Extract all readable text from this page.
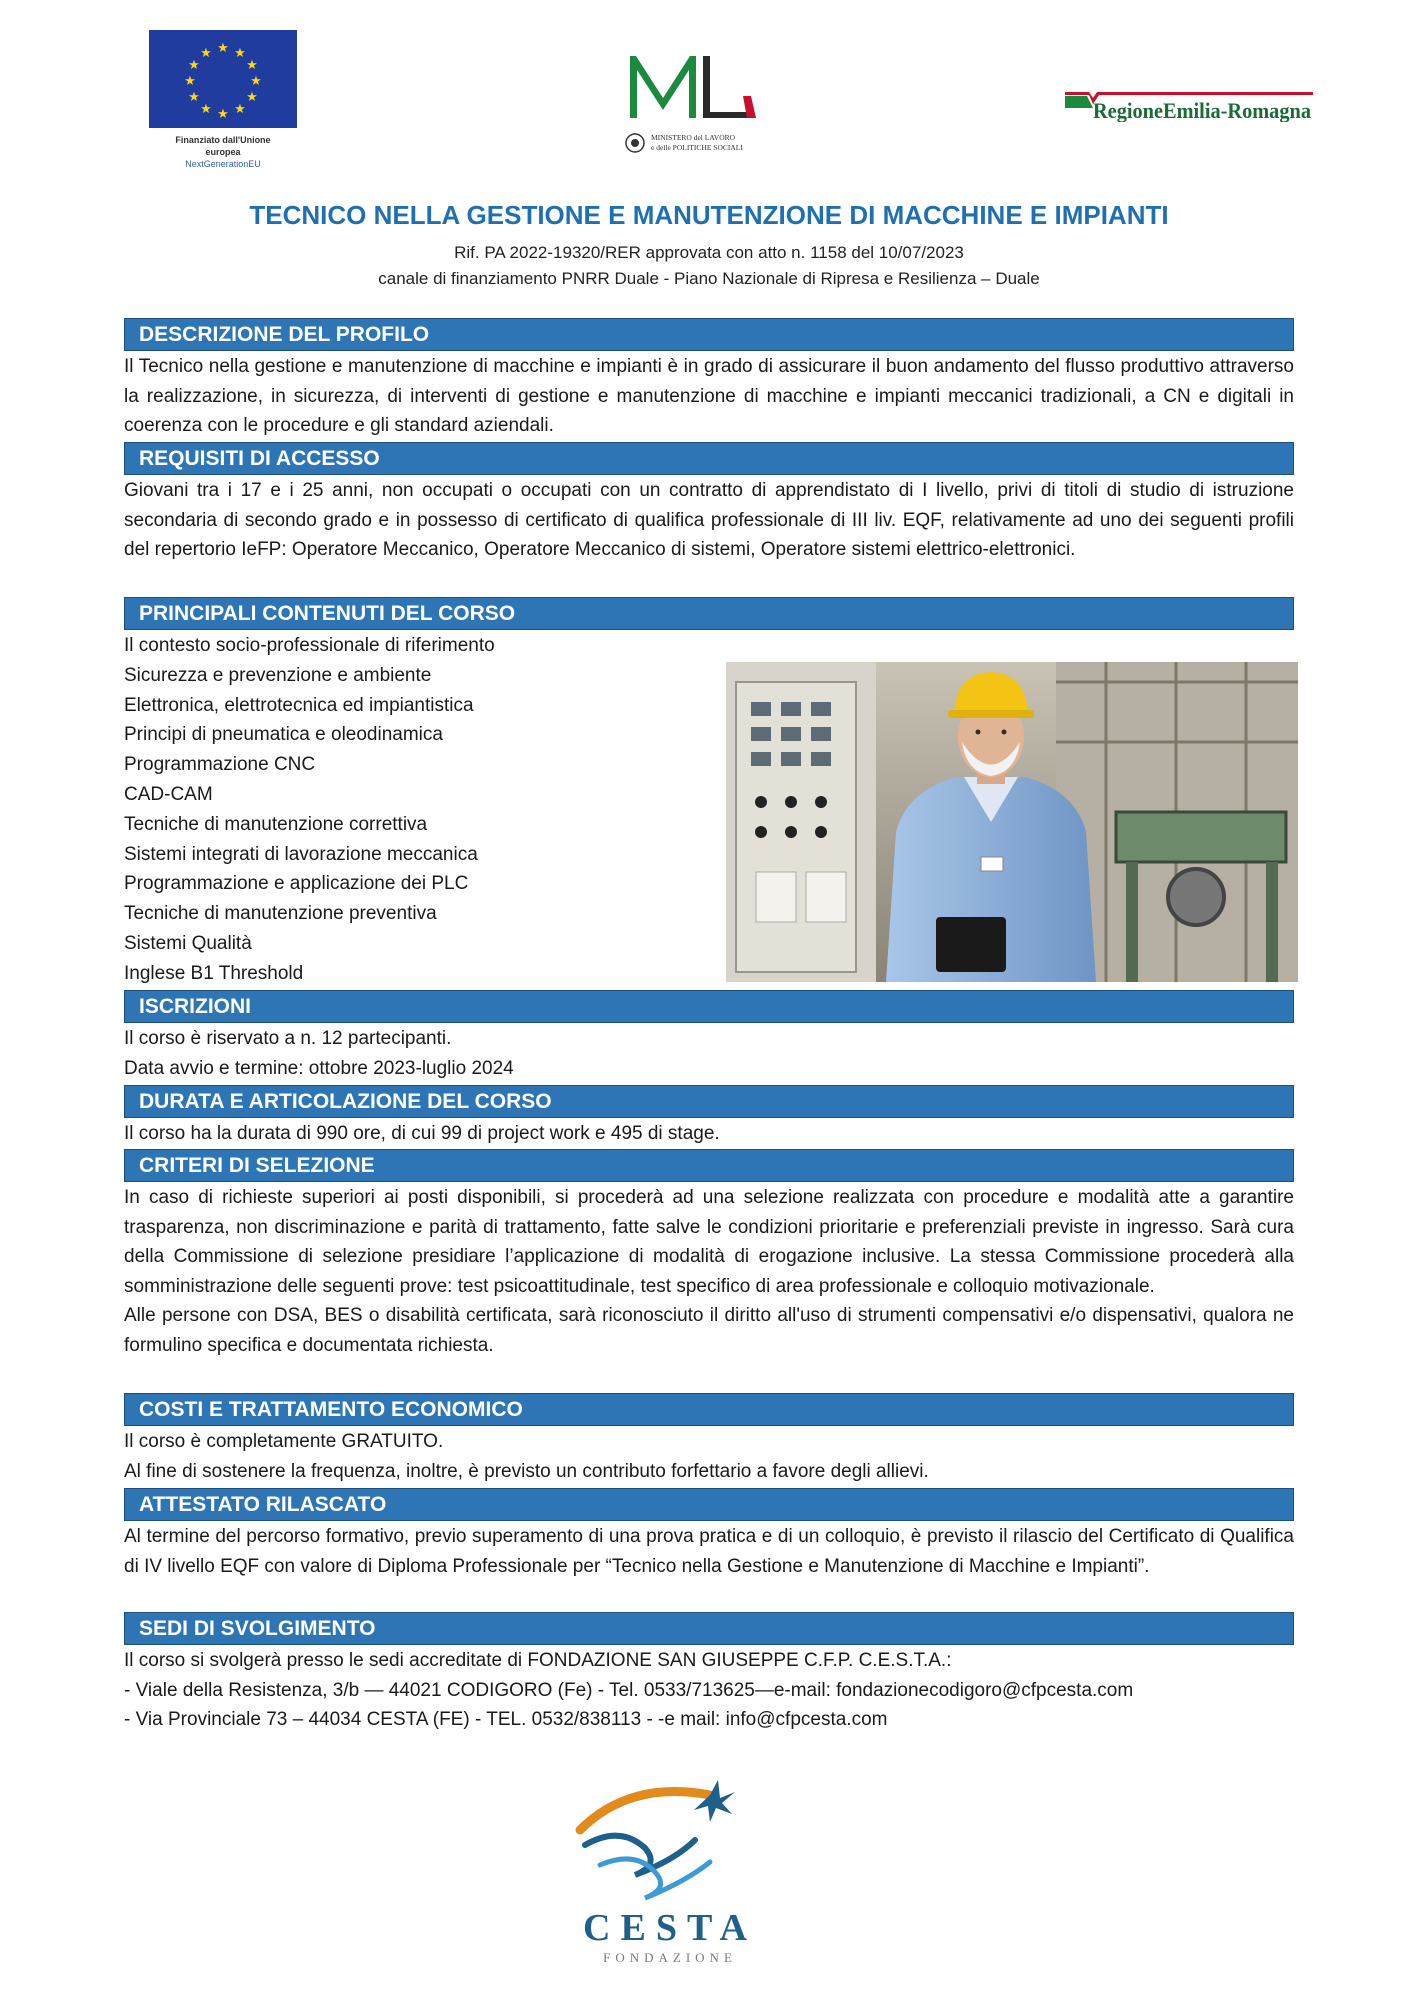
★ ★
★
★
★
★
★
★
★
★
★
★
Finanziato dall'Unione
europea
NextGenerationEU
MINISTERO del LAVORO
e delle POLITICHE SOCIALI
RegioneEmilia-Romagna
TECNICO NELLA GESTIONE E MANUTENZIONE DI MACCHINE E IMPIANTI
Rif. PA 2022-19320/RER approvata con atto n. 1158 del 10/07/2023
canale di finanziamento PNRR Duale - Piano Nazionale di Ripresa e Resilienza – Duale
DESCRIZIONE DEL PROFILO
Il Tecnico nella gestione e manutenzione di macchine e impianti è in grado di assicurare il buon andamento del flusso produttivo attraverso la realizzazione, in sicurezza, di interventi di gestione e manutenzione di macchine e impianti meccanici tradizionali, a CN e digitali in coerenza con le procedure e gli standard aziendali.
REQUISITI DI ACCESSO
Giovani tra i 17 e i 25 anni, non occupati o occupati con un contratto di apprendistato di I livello, privi di titoli di studio di istruzione secondaria di secondo grado e in possesso di certificato di qualifica professionale di III liv. EQF, relativamente ad uno dei seguenti profili del repertorio IeFP: Operatore Meccanico, Operatore Meccanico di sistemi, Operatore sistemi elettrico-elettronici.
PRINCIPALI CONTENUTI DEL CORSO
Il contesto socio-professionale di riferimento
Sicurezza e prevenzione e ambiente
Elettronica, elettrotecnica ed impiantistica
Principi di pneumatica e oleodinamica
Programmazione CNC
CAD-CAM
Tecniche di manutenzione correttiva
Sistemi integrati di lavorazione meccanica
Programmazione e applicazione dei PLC
Tecniche di manutenzione preventiva
Sistemi Qualità
Inglese B1 Threshold
ISCRIZIONI

Il corso è riservato a n. 12 partecipanti.

Data avvio e termine: ottobre 2023-luglio 2024

DURATA E ARTICOLAZIONE DEL CORSO
Il corso ha la durata di 990 ore, di cui 99 di project work e 495 di stage.
CRITERI DI SELEZIONE

In caso di richieste superiori ai posti disponibili, si procederà ad una selezione realizzata con procedure e modalità atte a garantire trasparenza, non discriminazione e parità di trattamento, fatte salve le condizioni prioritarie e preferenziali previste in ingresso. Sarà cura della Commissione di selezione presidiare l’applicazione di modalità di erogazione inclusive. La stessa Commissione procederà alla somministrazione delle seguenti prove: test psicoattitudinale, test specifico di area professionale e colloquio motivazionale.

Alle persone con DSA, BES o disabilità certificata, sarà riconosciuto il diritto all'uso di strumenti compensativi e/o dispensativi, qualora ne formulino specifica e documentata richiesta.

COSTI E TRATTAMENTO ECONOMICO

Il corso è completamente GRATUITO.

Al fine di sostenere la frequenza, inoltre, è previsto un contributo forfettario a favore degli allievi.

ATTESTATO RILASCATO
Al termine del percorso formativo, previo superamento di una prova pratica e di un colloquio, è previsto il rilascio del Certificato di Qualifica di IV livello EQF con valore di Diploma Professionale per “Tecnico nella Gestione e Manutenzione di Macchine e Impianti”.
SEDI DI SVOLGIMENTO

Il corso si svolgerà presso le sedi accreditate di FONDAZIONE SAN GIUSEPPE C.F.P. C.E.S.T.A.:

- Viale della Resistenza, 3/b — 44021 CODIGORO (Fe) - Tel. 0533/713625—e-mail: fondazionecodigoro@cfpcesta.com

- Via Provinciale 73 – 44034 CESTA (FE) - TEL. 0532/838113 - -e mail: info@cfpcesta.com

CESTA
FONDAZIONE
